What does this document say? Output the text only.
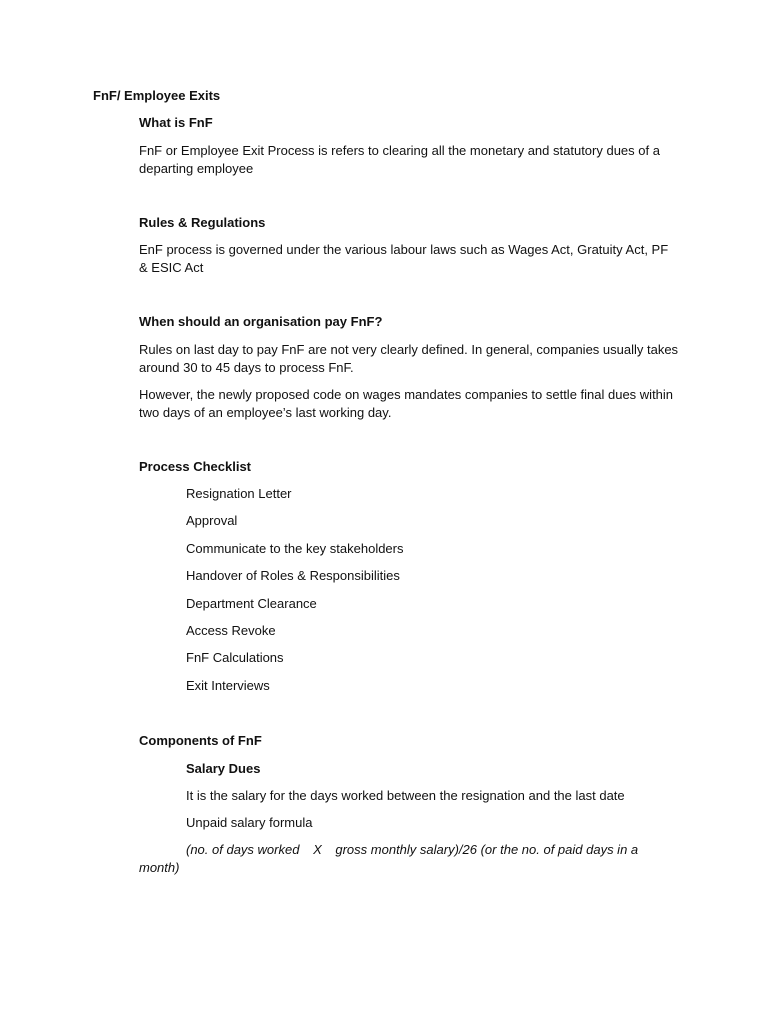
FnF/ Employee Exits
What is FnF
FnF or Employee Exit Process is refers to clearing all the monetary and statutory dues of a departing employee
Rules & Regulations
EnF process is governed under the various labour laws such as Wages Act, Gratuity Act, PF & ESIC Act
When should an organisation pay FnF?
Rules on last day to pay FnF are not very clearly defined. In general, companies usually takes around 30 to 45 days to process FnF.
However, the newly proposed code on wages mandates companies to settle final dues within two days of an employee’s last working day.
Process Checklist
Resignation Letter
Approval
Communicate to the key stakeholders
Handover of Roles & Responsibilities
Department Clearance
Access Revoke
FnF Calculations
Exit Interviews
Components of FnF
Salary Dues
It is the salary for the days worked between the resignation and the last date
Unpaid salary formula
(no. of days worked X gross monthly salary)/26 (or the no. of paid days in a
month)
